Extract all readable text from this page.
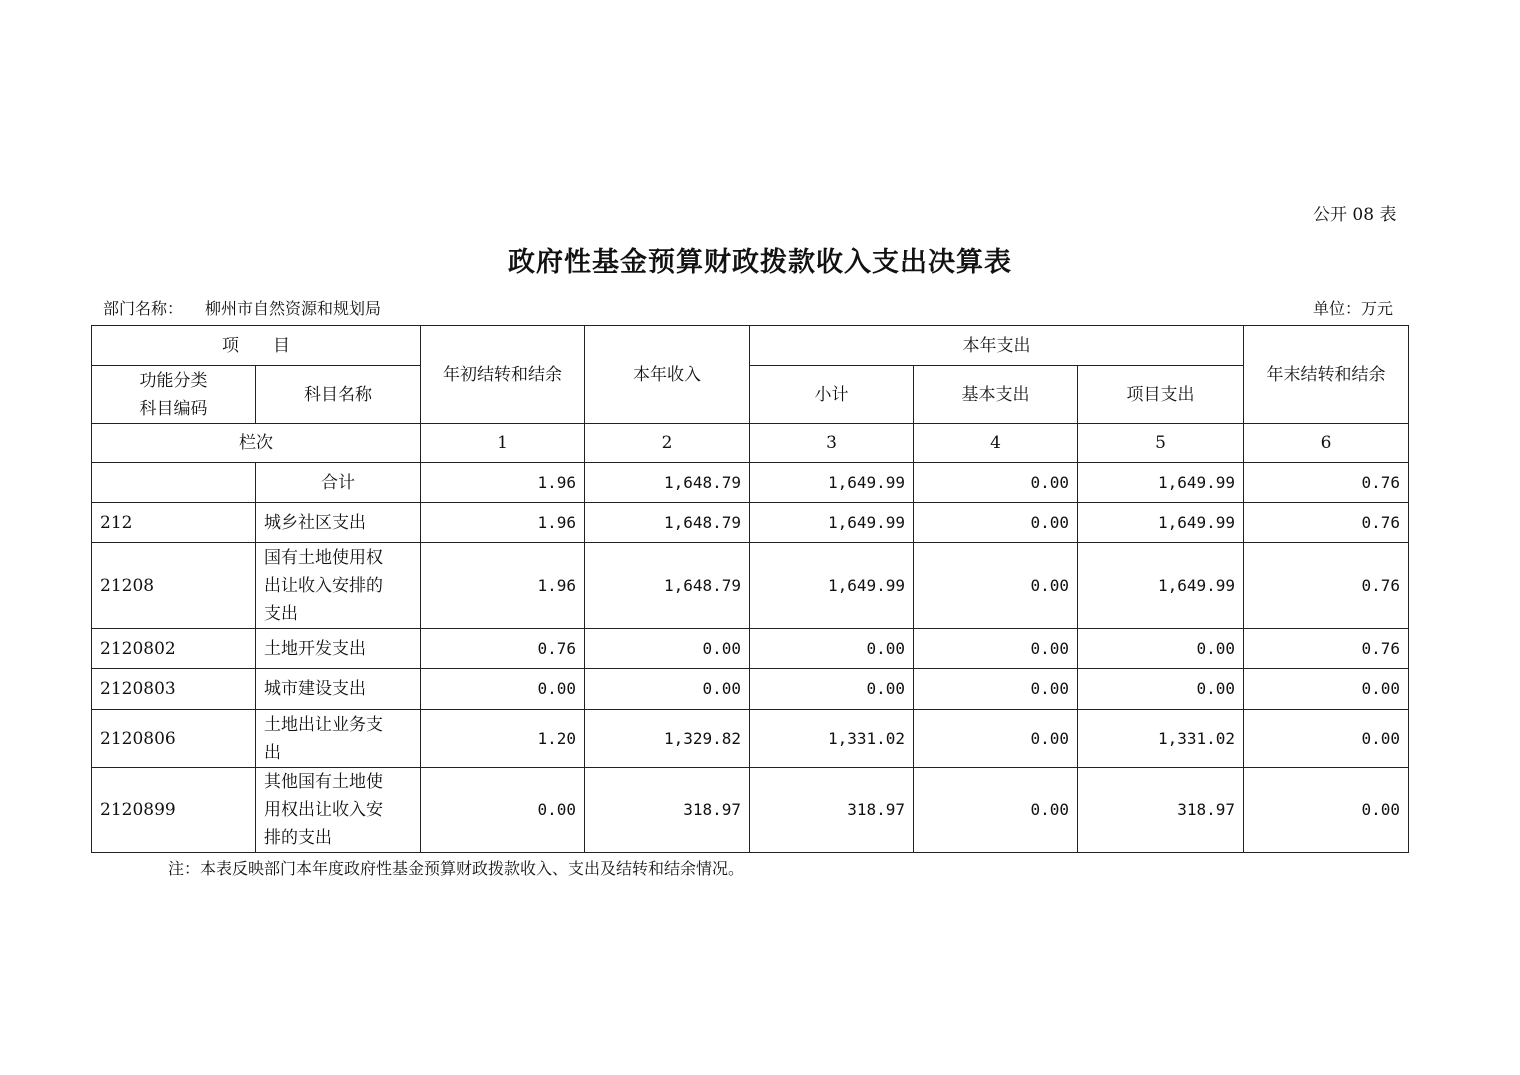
公开 08 表
政府性基金预算财政拨款收入支出决算表
部门名称： 柳州市自然资源和规划局	单位：万元
项　　目		年初结转和结余	本年收入	本年支出			年末结转和结余
功能分类
科目编码	科目名称			小计	基本支出	项目支出	
栏次		1	2	3	4	5	6
	合计	1.96	1,648.79	1,649.99	0.00	1,649.99	0.76
212	城乡社区支出	1.96	1,648.79	1,649.99	0.00	1,649.99	0.76
21208	国有土地使用权
出让收入安排的
支出	1.96	1,648.79	1,649.99	0.00	1,649.99	0.76
2120802	土地开发支出	0.76	0.00	0.00	0.00	0.00	0.76
2120803	城市建设支出	0.00	0.00	0.00	0.00	0.00	0.00
2120806	土地出让业务支
出	1.20	1,329.82	1,331.02	0.00	1,331.02	0.00
2120899	其他国有土地使
用权出让收入安
排的支出	0.00	318.97	318.97	0.00	318.97	0.00
注：本表反映部门本年度政府性基金预算财政拨款收入、支出及结转和结余情况。
